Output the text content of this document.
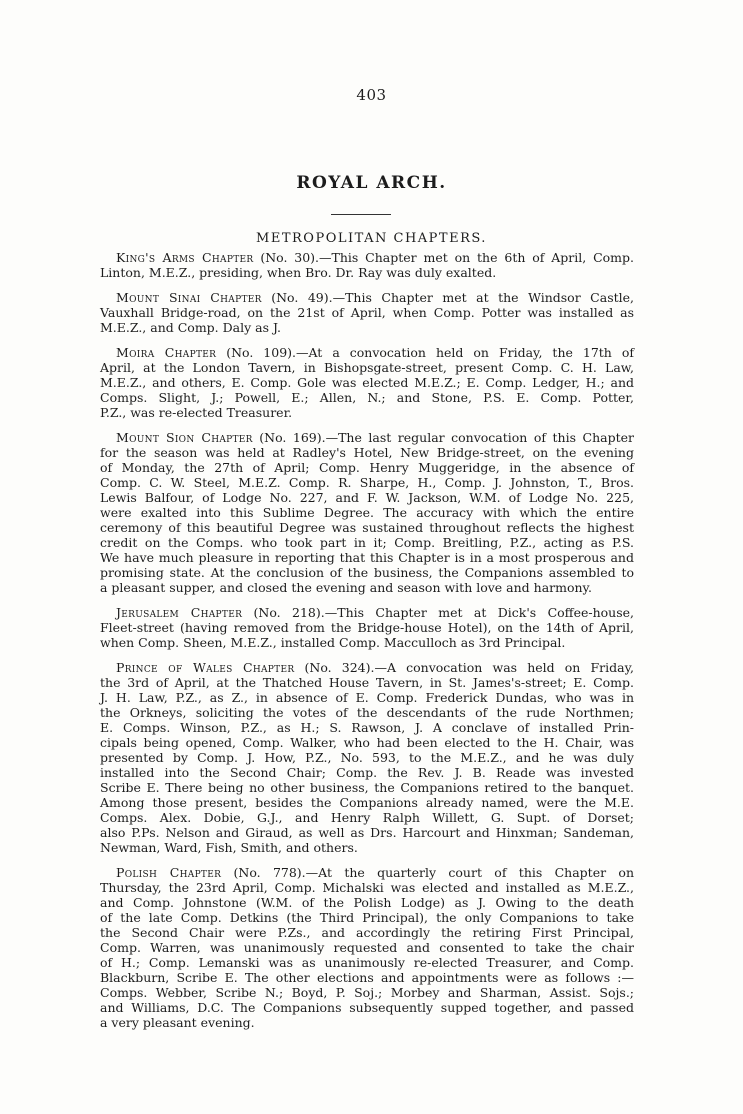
403
ROYAL ARCH.
METROPOLITAN CHAPTERS.
King's Arms Chapter (No. 30).—This Chapter met on the 6th of April, Comp.
Linton, M.E.Z., presiding, when Bro. Dr. Ray was duly exalted.
Mount Sinai Chapter (No. 49).—This Chapter met at the Windsor Castle,
Vauxhall Bridge-road, on the 21st of April, when Comp. Potter was installed as
M.E.Z., and Comp. Daly as J.
Moira Chapter (No. 109).—At a convocation held on Friday, the 17th of
April, at the London Tavern, in Bishopsgate-street, present Comp. C. H. Law,
M.E.Z., and others, E. Comp. Gole was elected M.E.Z.; E. Comp. Ledger, H.; and
Comps. Slight, J.; Powell, E.; Allen, N.; and Stone, P.S. E. Comp. Potter,
P.Z., was re-elected Treasurer.
Mount Sion Chapter (No. 169).—The last regular convocation of this Chapter
for the season was held at Radley's Hotel, New Bridge-street, on the evening
of Monday, the 27th of April; Comp. Henry Muggeridge, in the absence of
Comp. C. W. Steel, M.E.Z. Comp. R. Sharpe, H., Comp. J. Johnston, T., Bros.
Lewis Balfour, of Lodge No. 227, and F. W. Jackson, W.M. of Lodge No. 225,
were exalted into this Sublime Degree. The accuracy with which the entire
ceremony of this beautiful Degree was sustained throughout reflects the highest
credit on the Comps. who took part in it; Comp. Breitling, P.Z., acting as P.S.
We have much pleasure in reporting that this Chapter is in a most prosperous and
promising state. At the conclusion of the business, the Companions assembled to
a pleasant supper, and closed the evening and season with love and harmony.
Jerusalem Chapter (No. 218).—This Chapter met at Dick's Coffee-house,
Fleet-street (having removed from the Bridge-house Hotel), on the 14th of April,
when Comp. Sheen, M.E.Z., installed Comp. Macculloch as 3rd Principal.
Prince of Wales Chapter (No. 324).—A convocation was held on Friday,
the 3rd of April, at the Thatched House Tavern, in St. James's-street; E. Comp.
J. H. Law, P.Z., as Z., in absence of E. Comp. Frederick Dundas, who was in
the Orkneys, soliciting the votes of the descendants of the rude Northmen;
E. Comps. Winson, P.Z., as H.; S. Rawson, J. A conclave of installed Prin-
cipals being opened, Comp. Walker, who had been elected to the H. Chair, was
presented by Comp. J. How, P.Z., No. 593, to the M.E.Z., and he was duly
installed into the Second Chair; Comp. the Rev. J. B. Reade was invested
Scribe E. There being no other business, the Companions retired to the banquet.
Among those present, besides the Companions already named, were the M.E.
Comps. Alex. Dobie, G.J., and Henry Ralph Willett, G. Supt. of Dorset;
also P.Ps. Nelson and Giraud, as well as Drs. Harcourt and Hinxman; Sandeman,
Newman, Ward, Fish, Smith, and others.
Polish Chapter (No. 778).—At the quarterly court of this Chapter on
Thursday, the 23rd April, Comp. Michalski was elected and installed as M.E.Z.,
and Comp. Johnstone (W.M. of the Polish Lodge) as J. Owing to the death
of the late Comp. Detkins (the Third Principal), the only Companions to take
the Second Chair were P.Zs., and accordingly the retiring First Principal,
Comp. Warren, was unanimously requested and consented to take the chair
of H.; Comp. Lemanski was as unanimously re-elected Treasurer, and Comp.
Blackburn, Scribe E. The other elections and appointments were as follows :—
Comps. Webber, Scribe N.; Boyd, P. Soj.; Morbey and Sharman, Assist. Sojs.;
and Williams, D.C. The Companions subsequently supped together, and passed
a very pleasant evening.
